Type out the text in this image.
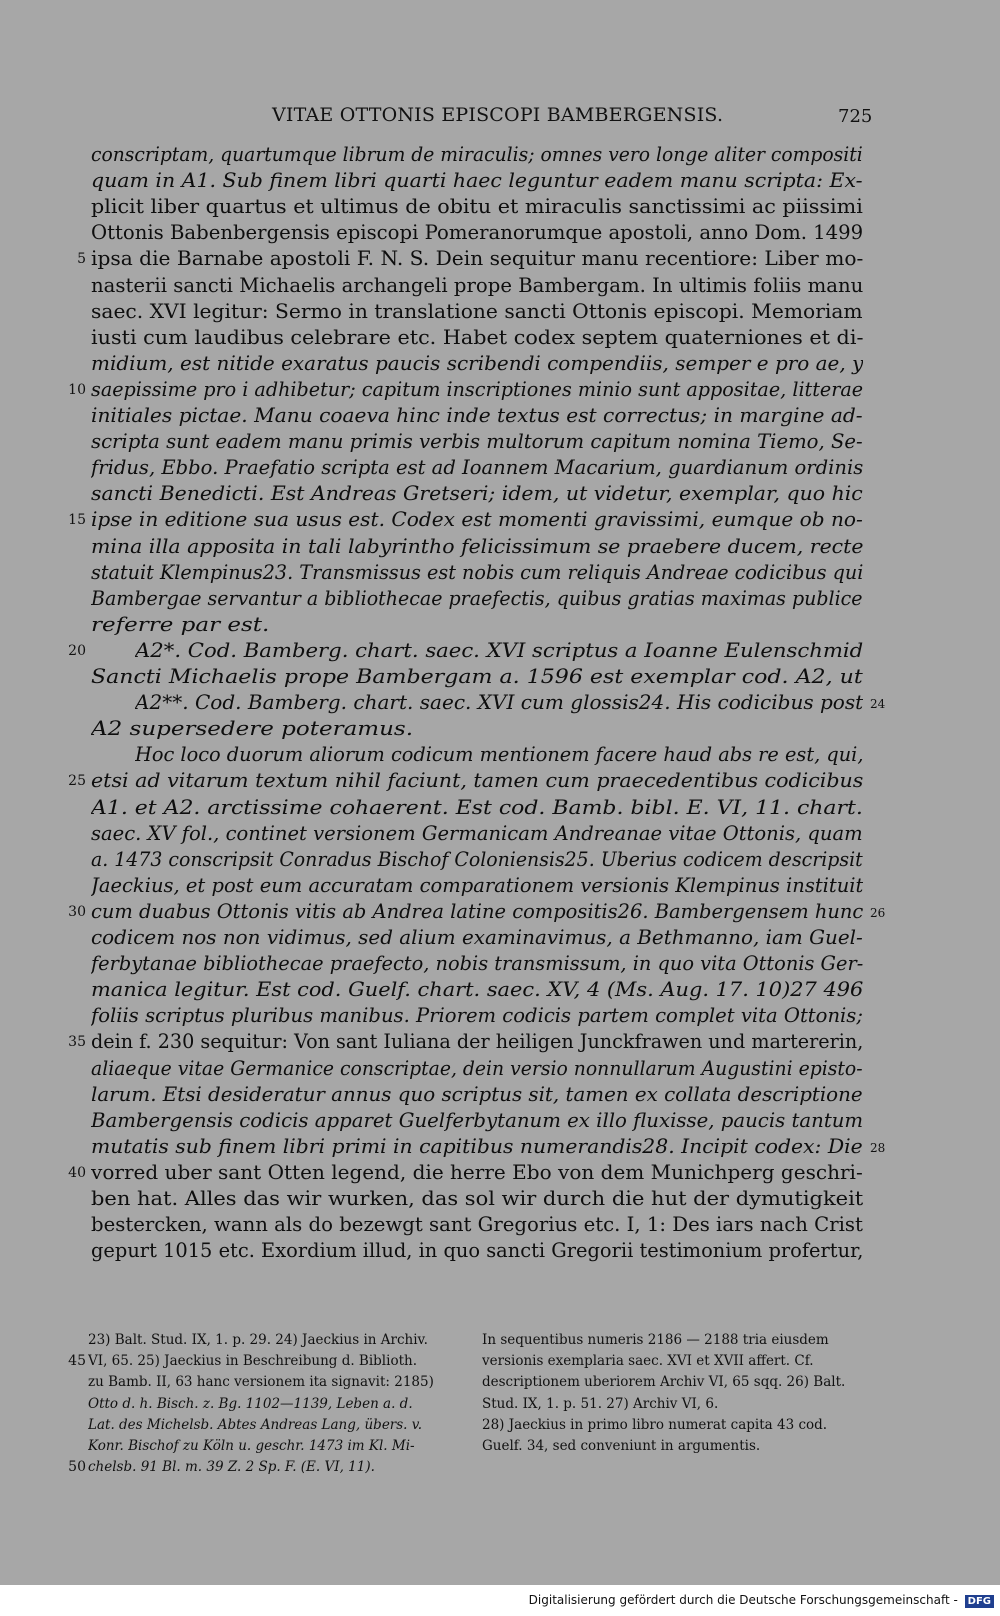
VITAE OTTONIS EPISCOPI BAMBERGENSIS.	725
conscriptam, quartumque librum de miraculis; omnes vero longe aliter compositi
quam in A1. Sub finem libri quarti haec leguntur eadem manu scripta: Ex-
plicit liber quartus et ultimus de obitu et miraculis sanctissimi ac piissimi
Ottonis Babenbergensis episcopi Pomeranorumque apostoli, anno Dom. 1499
ipsa die Barnabe apostoli F. N. S. Dein sequitur manu recentiore: Liber mo-
nasterii sancti Michaelis archangeli prope Bambergam. In ultimis foliis manu
saec. XVI legitur: Sermo in translatione sancti Ottonis episcopi. Memoriam
iusti cum laudibus celebrare etc. Habet codex septem quaterniones et di-
midium, est nitide exaratus paucis scribendi compendiis, semper e pro ae, y
saepissime pro i adhibetur; capitum inscriptiones minio sunt appositae, litterae
initiales pictae. Manu coaeva hinc inde textus est correctus; in margine ad-
scripta sunt eadem manu primis verbis multorum capitum nomina Tiemo, Se-
fridus, Ebbo. Praefatio scripta est ad Ioannem Macarium, guardianum ordinis
sancti Benedicti. Est Andreas Gretseri; idem, ut videtur, exemplar, quo hic
ipse in editione sua usus est. Codex est momenti gravissimi, eumque ob no-
mina illa apposita in tali labyrintho felicissimum se praebere ducem, recte
statuit Klempinus23. Transmissus est nobis cum reliquis Andreae codicibus qui
Bambergae servantur a bibliothecae praefectis, quibus gratias maximas publice
referre par est.
A2*. Cod. Bamberg. chart. saec. XVI scriptus a Ioanne Eulenschmid
Sancti Michaelis prope Bambergam a. 1596 est exemplar cod. A2, ut
A2**. Cod. Bamberg. chart. saec. XVI cum glossis24. His codicibus post
A2 supersedere poteramus.
Hoc loco duorum aliorum codicum mentionem facere haud abs re est, qui,
etsi ad vitarum textum nihil faciunt, tamen cum praecedentibus codicibus
A1. et A2. arctissime cohaerent. Est cod. Bamb. bibl. E. VI, 11. chart.
saec. XV fol., continet versionem Germanicam Andreanae vitae Ottonis, quam
a. 1473 conscripsit Conradus Bischof Coloniensis25. Uberius codicem descripsit
Jaeckius, et post eum accuratam comparationem versionis Klempinus instituit
cum duabus Ottonis vitis ab Andrea latine compositis26. Bambergensem hunc
codicem nos non vidimus, sed alium examinavimus, a Bethmanno, iam Guel-
ferbytanae bibliothecae praefecto, nobis transmissum, in quo vita Ottonis Ger-
manica legitur. Est cod. Guelf. chart. saec. XV, 4 (Ms. Aug. 17. 10)27 496
foliis scriptus pluribus manibus. Priorem codicis partem complet vita Ottonis;
dein f. 230 sequitur: Von sant Iuliana der heiligen Junckfrawen und martererin,
aliaeque vitae Germanice conscriptae, dein versio nonnullarum Augustini episto-
larum. Etsi desideratur annus quo scriptus sit, tamen ex collata descriptione
Bambergensis codicis apparet Guelferbytanum ex illo fluxisse, paucis tantum
mutatis sub finem libri primi in capitibus numerandis28. Incipit codex: Die
vorred uber sant Otten legend, die herre Ebo von dem Munichperg geschri-
ben hat. Alles das wir wurken, das sol wir durch die hut der dymutigkeit
bestercken, wann als do bezewgt sant Gregorius etc. I, 1: Des iars nach Crist
gepurt 1015 etc. Exordium illud, in quo sancti Gregorii testimonium profertur,
23) Balt. Stud. IX, 1. p. 29. 24) Jaeckius in Archiv.
VI, 65. 25) Jaeckius in Beschreibung d. Biblioth.
zu Bamb. II, 63 hanc versionem ita signavit: 2185)
Otto d. h. Bisch. z. Bg. 1102—1139, Leben a. d.
Lat. des Michelsb. Abtes Andreas Lang, übers. v.
Konr. Bischof zu Köln u. geschr. 1473 im Kl. Mi-
chelsb. 91 Bl. m. 39 Z. 2 Sp. F. (E. VI, 11).
In sequentibus numeris 2186 — 2188 tria eiusdem
versionis exemplaria saec. XVI et XVII affert. Cf.
descriptionem uberiorem Archiv VI, 65 sqq. 26) Balt.
Stud. IX, 1. p. 51. 27) Archiv VI, 6.
28) Jaeckius in primo libro numerat capita 43 cod.
Guelf. 34, sed conveniunt in argumentis.
5
10
15
20
25
30
35
40
24
26
28
45
50
Digitalisierung gefördert durch die Deutsche Forschungsgemeinschaft - DFG
